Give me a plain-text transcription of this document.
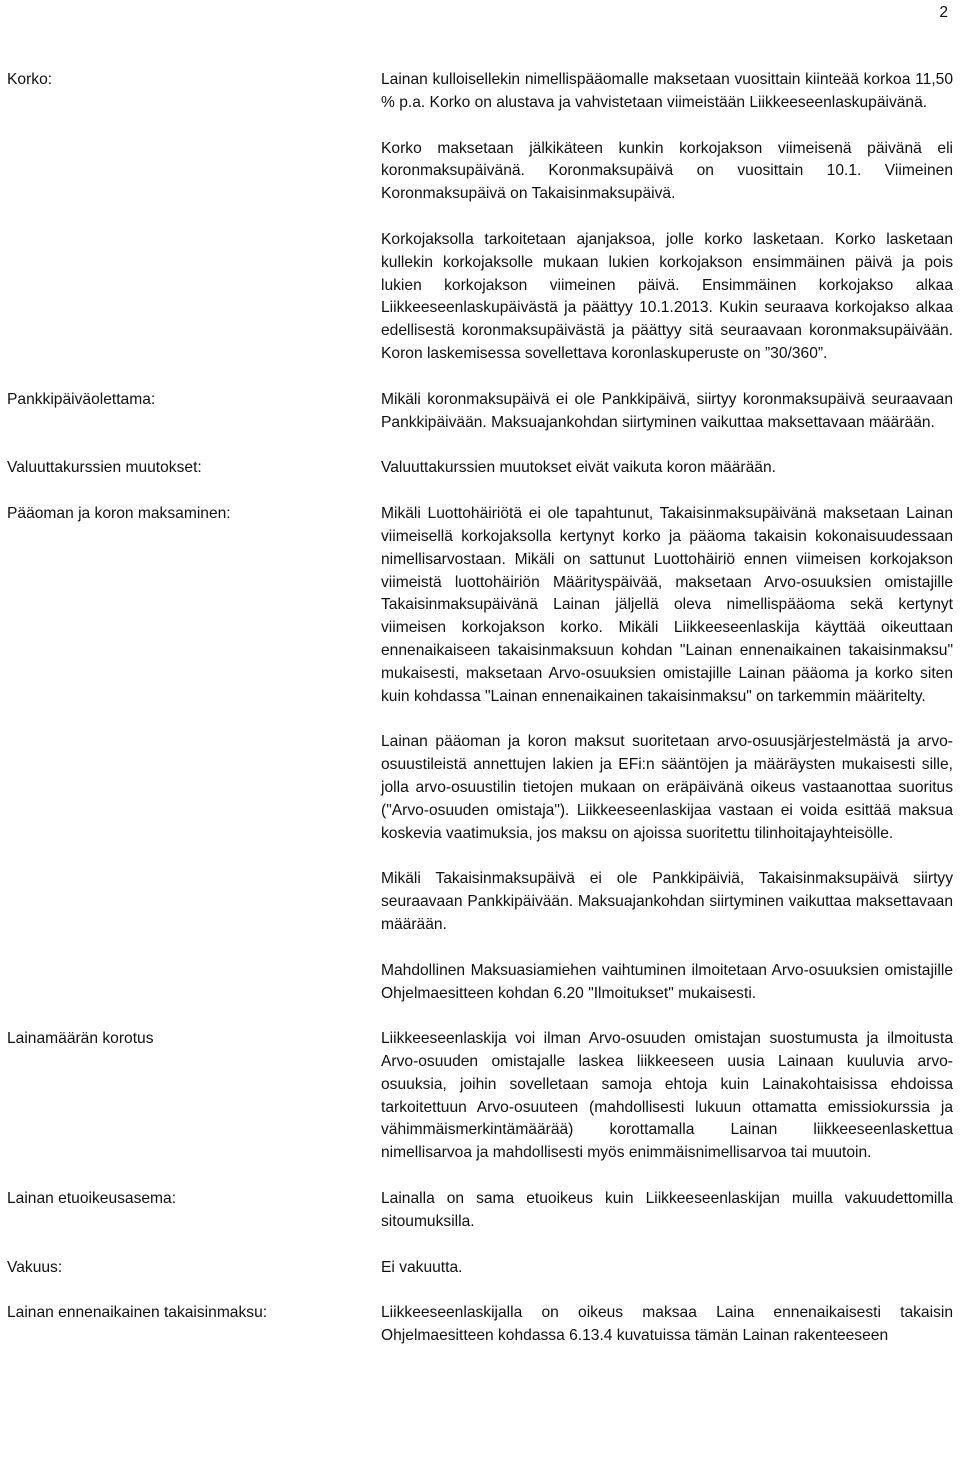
2
Korko:	Lainan kulloisellekin nimellispääomalle maksetaan vuosittain kiinteää korkoa 11,50 % p.a. Korko on alustava ja vahvistetaan viimeistään Liikkeeseenlaskupäivänä.

Korko maksetaan jälkikäteen kunkin korkojakson viimeisenä päivänä eli koronmaksupäivänä. Koronmaksupäivä on vuosittain 10.1. Viimeinen Koronmaksupäivä on Takaisinmaksupäivä.

Korkojaksolla tarkoitetaan ajanjaksoa, jolle korko lasketaan. Korko lasketaan kullekin korkojaksolle mukaan lukien korkojakson ensimmäinen päivä ja pois lukien korkojakson viimeinen päivä. Ensimmäinen korkojakso alkaa Liikkeeseenlaskupäivästä ja päättyy 10.1.2013. Kukin seuraava korkojakso alkaa edellisestä koronmaksupäivästä ja päättyy sitä seuraavaan koronmaksupäivään. Koron laskemisessa sovellettava koronlaskuperuste on ”30/360”.

Pankkipäiväolettama:	Mikäli koronmaksupäivä ei ole Pankkipäivä, siirtyy koronmaksupäivä seuraavaan Pankkipäivään. Maksuajankohdan siirtyminen vaikuttaa maksettavaan määrään.

Valuuttakurssien muutokset:	Valuuttakurssien muutokset eivät vaikuta koron määrään.

Pääoman ja koron maksaminen:	Mikäli Luottohäiriötä ei ole tapahtunut, Takaisinmaksupäivänä maksetaan Lainan viimeisellä korkojaksolla kertynyt korko ja pääoma takaisin kokonaisuudessaan nimellisarvostaan. Mikäli on sattunut Luottohäiriö ennen viimeisen korkojakson viimeistä luottohäiriön Määrityspäivää, maksetaan Arvo-osuuksien omistajille Takaisinmaksupäivänä Lainan jäljellä oleva nimellispääoma sekä kertynyt viimeisen korkojakson korko. Mikäli Liikkeeseenlaskija käyttää oikeuttaan ennenaikaiseen takaisinmaksuun kohdan "Lainan ennenaikainen takaisinmaksu" mukaisesti, maksetaan Arvo-osuuksien omistajille Lainan pääoma ja korko siten kuin kohdassa "Lainan ennenaikainen takaisinmaksu" on tarkemmin määritelty.

Lainan pääoman ja koron maksut suoritetaan arvo-osuusjärjestelmästä ja arvo-osuustileistä annettujen lakien ja EFi:n sääntöjen ja määräysten mukaisesti sille, jolla arvo-osuustilin tietojen mukaan on eräpäivänä oikeus vastaanottaa suoritus ("Arvo-osuuden omistaja"). Liikkeeseenlaskijaa vastaan ei voida esittää maksua koskevia vaatimuksia, jos maksu on ajoissa suoritettu tilinhoitajayhteisölle.

Mikäli Takaisinmaksupäivä ei ole Pankkipäiviä, Takaisinmaksupäivä siirtyy seuraavaan Pankkipäivään. Maksuajankohdan siirtyminen vaikuttaa maksettavaan määrään.

Mahdollinen Maksuasiamiehen vaihtuminen ilmoitetaan Arvo-osuuksien omistajille Ohjelmaesitteen kohdan 6.20 "Ilmoitukset" mukaisesti.

Lainamäärän korotus	Liikkeeseenlaskija voi ilman Arvo-osuuden omistajan suostumusta ja ilmoitusta Arvo-osuuden omistajalle laskea liikkeeseen uusia Lainaan kuuluvia arvo-osuuksia, joihin sovelletaan samoja ehtoja kuin Lainakohtaisissa ehdoissa tarkoitettuun Arvo-osuuteen (mahdollisesti lukuun ottamatta emissiokurssia ja vähimmäismerkintämäärää) korottamalla Lainan liikkeeseenlaskettua nimellisarvoa ja mahdollisesti myös enimmäisnimellisarvoa tai muutoin.

Lainan etuoikeusasema:	Lainalla on sama etuoikeus kuin Liikkeeseenlaskijan muilla vakuudettomilla sitoumuksilla.

Vakuus:	Ei vakuutta.

Lainan ennenaikainen takaisinmaksu:	Liikkeeseenlaskijalla on oikeus maksaa Laina ennenaikaisesti takaisin Ohjelmaesitteen kohdassa 6.13.4 kuvatuissa tämän Lainan rakenteeseen
